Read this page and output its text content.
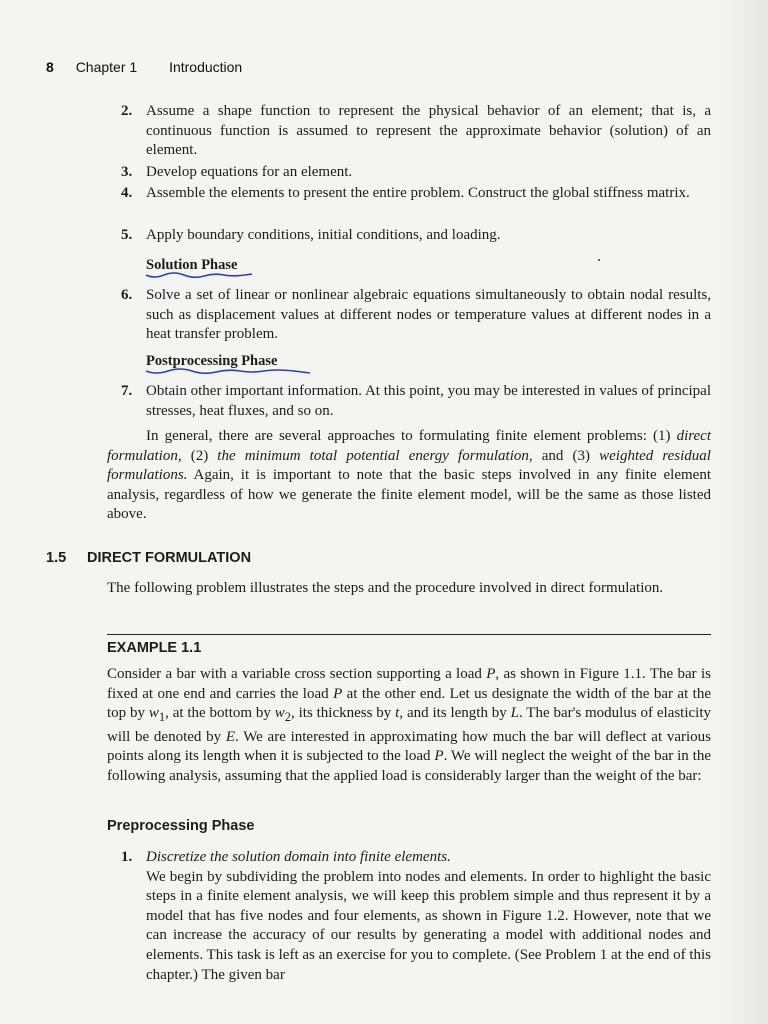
8 Chapter 1 Introduction
2. Assume a shape function to represent the physical behavior of an element; that is, a continuous function is assumed to represent the approximate behavior (solution) of an element.
3. Develop equations for an element.
4. Assemble the elements to present the entire problem. Construct the global stiffness matrix.
5. Apply boundary conditions, initial conditions, and loading.
Solution Phase
6. Solve a set of linear or nonlinear algebraic equations simultaneously to obtain nodal results, such as displacement values at different nodes or temperature values at different nodes in a heat transfer problem.
Postprocessing Phase
7. Obtain other important information. At this point, you may be interested in values of principal stresses, heat fluxes, and so on.
In general, there are several approaches to formulating finite element problems: (1) direct formulation, (2) the minimum total potential energy formulation, and (3) weighted residual formulations. Again, it is important to note that the basic steps involved in any finite element analysis, regardless of how we generate the finite element model, will be the same as those listed above.
1.5 DIRECT FORMULATION
The following problem illustrates the steps and the procedure involved in direct formulation.
EXAMPLE 1.1
Consider a bar with a variable cross section supporting a load P, as shown in Figure 1.1. The bar is fixed at one end and carries the load P at the other end. Let us designate the width of the bar at the top by $w_1$, at the bottom by $w_2$, its thickness by t, and its length by L. The bar's modulus of elasticity will be denoted by E. We are interested in approximating how much the bar will deflect at various points along its length when it is subjected to the load P. We will neglect the weight of the bar in the following analysis, assuming that the applied load is considerably larger than the weight of the bar:
Preprocessing Phase
1. Discretize the solution domain into finite elements.
We begin by subdividing the problem into nodes and elements. In order to highlight the basic steps in a finite element analysis, we will keep this problem simple and thus represent it by a model that has five nodes and four elements, as shown in Figure 1.2. However, note that we can increase the accuracy of our results by generating a model with additional nodes and elements. This task is left as an exercise for you to complete. (See Problem 1 at the end of this chapter.) The given bar
